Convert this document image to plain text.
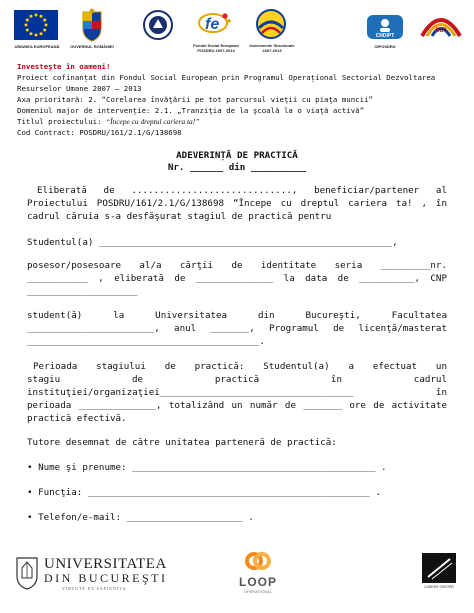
UNIUNEA EUROPEANĂ	GUVERNUL ROMÂNIEI
fe
Fondul Social European
POSDRU 2007-2013
Instrumente Structurale
2007-2013
CNDIPT
OIPOSDRU
INR
Investeşte în oameni!
Proiect cofinanțat din Fondul Social European prin Programul Operațional Sectorial Dezvoltarea
Resurselor Umane 2007 – 2013
Axa prioritară: 2. “Corelarea învăţării pe tot parcursul vieţii cu piaţa muncii”
Domeniul major de intervenție: 2.1. „Tranziţia de la şcoală la o viaţă activă”
Titlul proiectului: “Începe cu dreptul cariera ta!”
Cod Contract: POSDRU/161/2.1/G/138698
ADEVERINȚĂ DE PRACTICĂ
Nr. ______ din __________
Eliberată de ............................., beneficiar/partener al
Proiectului POSDRU/161/2.1/G/138698 “Începe cu dreptul cariera ta! , în
cadrul căruia s-a desfăşurat stagiul de practică pentru
Studentul(a) _____________________________________________________,
posesor/posesoare al/a cărţii de identitate seria _________nr.
___________ , eliberată de ______________ la data de __________, CNP
____________________
student(ă) la Universitatea din Bucureşti, Facultatea
_______________________, anul _______, Programul de licenţă/masterat
__________________________________________.
Perioada stagiului de practică: Studentul(a) a efectuat un
stagiu de practică în cadrul
instituţiei/organizaţiei___________________________________ în
perioada ______________, totalizând un număr de _______ ore de activitate
practică efectivă.
Tutore desemnat de către unitatea parteneră de practică:
• Nume şi prenume: ____________________________________________ .
• Funcţia: ___________________________________________________ .
• Telefon/e-mail: _____________________ .
UNIVERSITATEA
DIN BUCUREŞTI
VIRTUTE ET SAPIENTIA	LOOP
OPERATIONAL
CAREER CENTER
